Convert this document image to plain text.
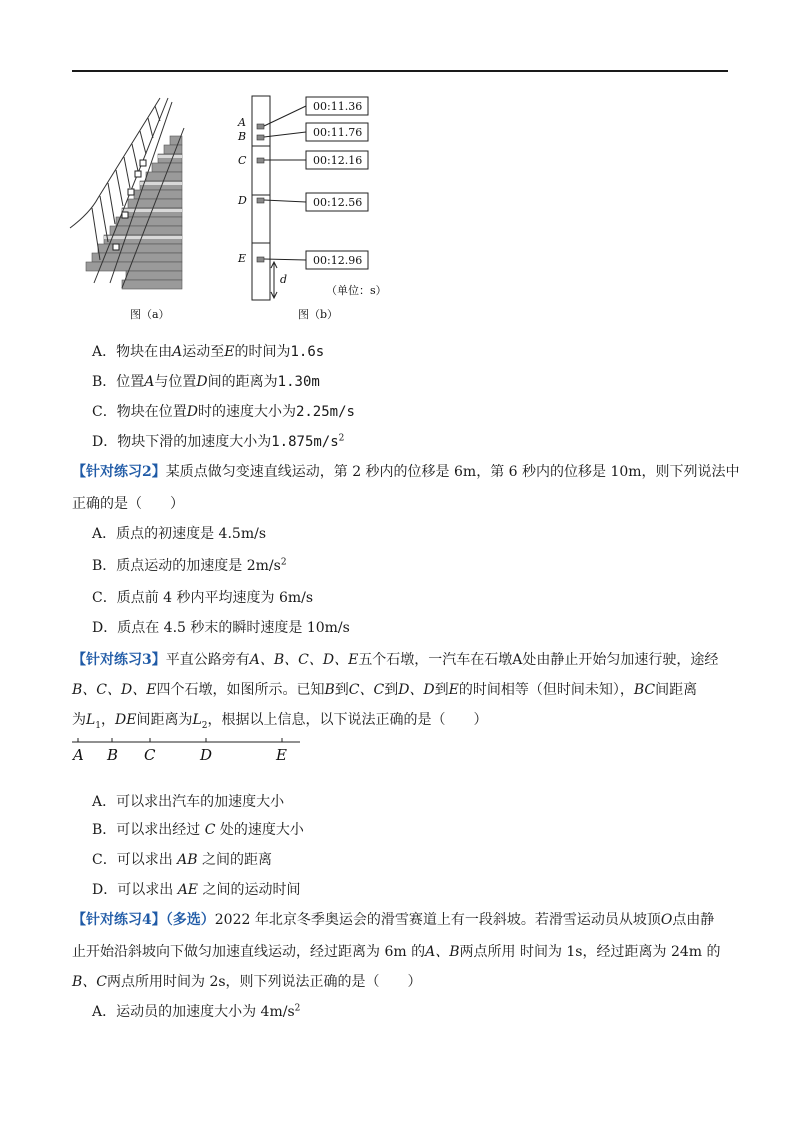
A
B
C
D
E
00:11.36
00:11.76
00:12.16
00:12.56
00:12.96
d
（单位：s）
图（a）	图（b）
A．物块在由A运动至E的时间为1.6s
B．位置A与位置D间的距离为1.30m
C．物块在位置D时的速度大小为2.25m/s
D．物块下滑的加速度大小为$1.875m/s^2$
【针对练习2】某质点做匀变速直线运动，第 2 秒内的位移是 6m，第 6 秒内的位移是 10m，则下列说法中
正确的是（　　）
A．质点的初速度是 4.5m/s
B．质点运动的加速度是 $2m/s^2$
C．质点前 4 秒内平均速度为 6m/s
D．质点在 4.5 秒末的瞬时速度是 10m/s
【针对练习3】平直公路旁有A、B、C、D、E五个石墩，一汽车在石墩A处由静止开始匀加速行驶，途经
B、C、D、E四个石墩，如图所示。已知B到C、C到D、D到E的时间相等（但时间未知），BC间距离
为$L_1$，DE间距离为$L_2$，根据以上信息，以下说法正确的是（　　）
A B C	D	E
A．可以求出汽车的加速度大小
B．可以求出经过 C 处的速度大小
C．可以求出 AB 之间的距离
D．可以求出 AE 之间的运动时间
【针对练习4】（多选）2022 年北京冬季奥运会的滑雪赛道上有一段斜坡。若滑雪运动员从坡顶O点由静
止开始沿斜坡向下做匀加速直线运动，经过距离为 6m 的A、B两点所用 时间为 1s，经过距离为 24m 的
B、C两点所用时间为 2s，则下列说法正确的是（　　）
A．运动员的加速度大小为 $4m/s^2$
